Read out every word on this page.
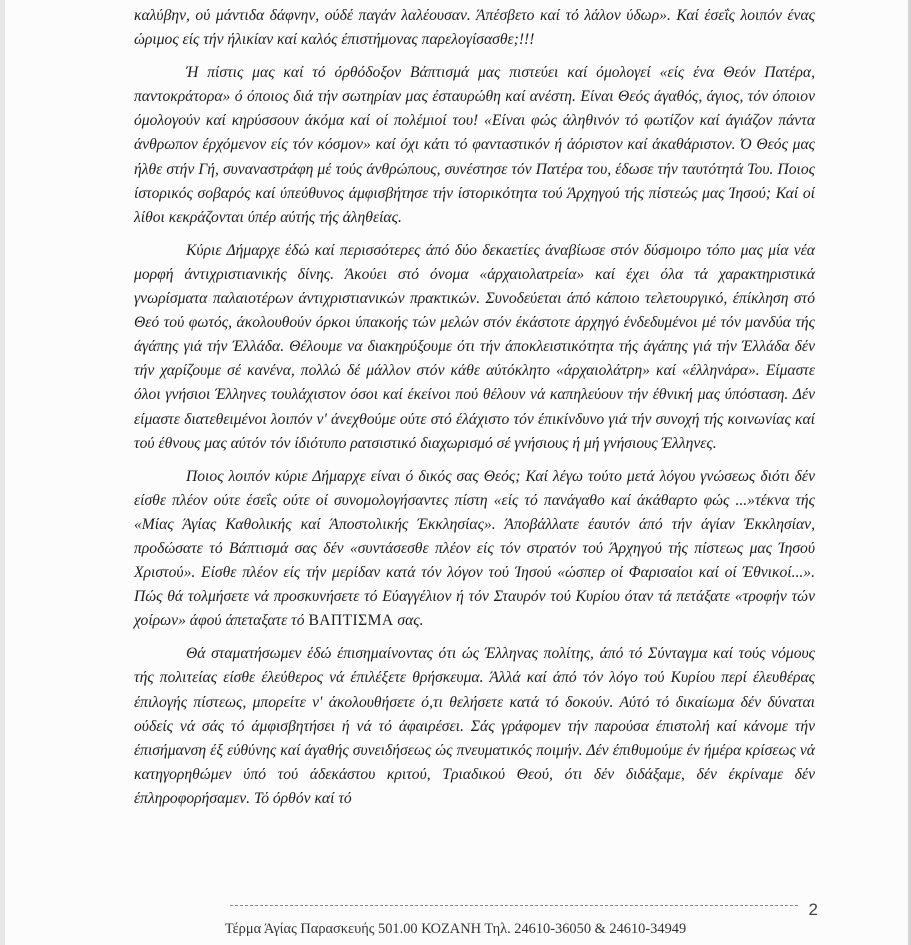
καλύβην, ού μάντιδα δάφνην, ούδέ παγάν λαλέουσαν. Άπέσβετο καί τό λάλον ύδωρ». Καί έσεΐς λοιπόν ένας ώριμος είς τήν ήλικίαν καί καλός έπιστήμονας παρελογίσασθε;!!!

Ή πίστις μας καί τό όρθόδοξον Βάπτισμά μας πιστεύει καί όμολογεί «είς ένα Θεόν Πατέρα, παντοκράτορα» ό όποιος διά τήν σωτηρίαν μας έσταυρώθη καί ανέστη. Είναι Θεός άγαθός, άγιος, τόν όποιον όμολογούν καί κηρύσσουν άκόμα καί οί πολέμιοί του! «Είναι φώς άληθινόν τό φωτίζον καί άγιάζον πάντα άνθρωπον έρχόμενον είς τόν κόσμον» καί όχι κάτι τό φανταστικόν ή άόριστον καί άκαθάριστον. Ό Θεός μας ήλθε στήν Γή, συναναστράφη μέ τούς άνθρώπους, συνέστησε τόν Πατέρα του, έδωσε τήν ταυτότητά Του. Ποιος ίστορικός σοβαρός καί ύπεύθυνος άμφισβήτησε τήν ίστορικότητα τού Άρχηγού τής πίστεώς μας Ίησού; Καί οί λίθοι κεκράζονται ύπέρ αύτής τής άληθείας.

Κύριε Δήμαρχε έδώ καί περισσότερες άπό δύο δεκαετίες άναβίωσε στόν δύσμοιρο τόπο μας μία νέα μορφή άντιχριστιανικής δίνης. Άκούει στό όνομα «άρχαιολατρεία» καί έχει όλα τά χαρακτηριστικά γνωρίσματα παλαιοτέρων άντιχριστιανικών πρακτικών. Συνοδεύεται άπό κάποιο τελετουργικό, έπίκληση στό Θεό τού φωτός, άκολουθούν όρκοι ύπακοής τών μελών στόν έκάστοτε άρχηγό ένδεδυμένοι μέ τόν μανδύα τής άγάπης γιά τήν Έλλάδα. Θέλουμε να διακηρύξουμε ότι τήν άποκλειστικότητα τής άγάπης γιά τήν Έλλάδα δέν τήν χαρίζουμε σέ κανένα, πολλώ δέ μάλλον στόν κάθε αύτόκλητο «άρχαιολάτρη» καί «έλληνάρα». Είμαστε όλοι γνήσιοι Έλληνες τουλάχιστον όσοι καί έκείνοι πού θέλουν νά καπηλεύουν τήν έθνική μας ύπόσταση. Δέν είμαστε διατεθειμένοι λοιπόν ν' άνεχθούμε ούτε στό έλάχιστο τόν έπικίνδυνο γιά τήν συνοχή τής κοινωνίας καί τού έθνους μας αύτόν τόν ίδιότυπο ρατσιστικό διαχωρισμό σέ γνήσιους ή μή γνήσιους Έλληνες.

Ποιος λοιπόν κύριε Δήμαρχε είναι ό δικός σας Θεός; Καί λέγω τούτο μετά λόγου γνώσεως διότι δέν είσθε πλέον ούτε έσεΐς ούτε οί συνομολογήσαντες πίστη «είς τό πανάγαθο καί άκάθαρτο φώς ...»τέκνα τής «Μίας Άγίας Καθολικής καί Άποστολικής Έκκλησίας». Άποβάλλατε έαυτόν άπό τήν άγίαν Έκκλησίαν, προδώσατε τό Βάπτισμά σας δέν «συντάσεσθε πλέον είς τόν στρατόν τού Άρχηγού τής πίστεως μας Ίησού Χριστού». Είσθε πλέον είς τήν μερίδαν κατά τόν λόγον τού Ίησού «ώσπερ οί Φαρισαίοι καί οί Έθνικοί...». Πώς θά τολμήσετε νά προσκυνήσετε τό Εύαγγέλιον ή τόν Σταυρόν τού Κυρίου όταν τά πετάξατε «τροφήν τών χοίρων» άφού άπεταξατε τό ΒΑΠΤΙΣΜΑ σας.

Θά σταματήσωμεν έδώ έπισημαίνοντας ότι ώς Έλληνας πολίτης, άπό τό Σύνταγμα καί τούς νόμους τής πολιτείας είσθε έλεύθερος νά έπιλέξετε θρήσκευμα. Άλλά καί άπό τόν λόγο τού Κυρίου περί έλευθέρας έπιλογής πίστεως, μπορείτε ν' άκολουθήσετε ό,τι θελήσετε κατά τό δοκούν. Αύτό τό δικαίωμα δέν δύναται ούδείς νά σάς τό άμφισβητήσει ή νά τό άφαιρέσει. Σάς γράφομεν τήν παρούσα έπιστολή καί κάνομε τήν έπισήμανση έξ εύθύνης καί άγαθής συνειδήσεως ώς πνευματικός ποιμήν. Δέν έπιθυμούμε έν ήμέρα κρίσεως νά κατηγορηθώμεν ύπό τού άδεκάστου κριτού, Τριαδικού Θεού, ότι δέν διδάξαμε, δέν έκρίναμε δέν έπληροφορήσαμεν. Τό όρθόν καί τό

2
Τέρμα Άγίας Παρασκευής 501.00 ΚΟΖΑΝΗ Τηλ. 24610-36050 & 24610-34949
